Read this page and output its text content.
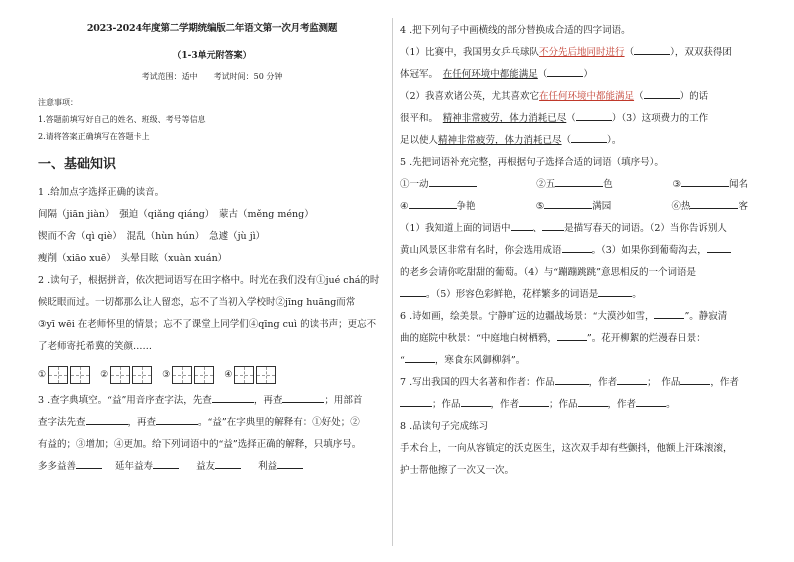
2023-2024年度第二学期统编版二年语文第一次月考监测题
（1-3单元附答案）
考试范围：适中　　考试时间：50 分钟
注意事项：
1.答题前填写好自己的姓名、班级、考号等信息
2.请将答案正确填写在答题卡上
一、基础知识
1 .给加点字选择正确的读音。
间隔（jiān jiàn）　强迫（qiǎng qiáng）　蒙古（měng méng）
锲而不舍（qì qiè）　混乱（hùn hún）　急遽（jù jì）
瘦削（xiāo xuē）　头晕目眩（xuàn xuán）
2 .读句子，根据拼音，依次把词语写在田字格中。时光在我们没有①jué chá的时
候眨眼而过。一切都那么让人留恋，忘不了当初入学校时②jīng huāng而常
③yī wēi 在老师怀里的情景；忘不了课堂上同学们④qīng cuì 的读书声；更忘不
了老师寄托希冀的笑颜……
①	②	③	④
3 .查字典填空。“益”用音序查字法，先查	，再查	；用部首
查字法先查	，再查	。“益”在字典里的解释有：①好处；②
有益的；③增加；④更加。给下列词语中的“益”选择正确的解释，只填序号。
多多益善	延年益寿	益友	利益
4 .把下列句子中画横线的部分替换成合适的四字词语。
（1）比赛中，我国男女乒乓球队不分先后地同时进行（	），双双获得团
体冠军。　 在任何环境中都能满足（	）
（2）我喜欢诸公英，尤其喜欢它在任何环境中都能满足（	）的话
很平和。　 精神非常疲劳，体力消耗已尽（	）（3）这项费力的工作
足以使人精神非常疲劳，体力消耗已尽（	）。
5 .先把词语补充完整，再根据句子选择合适的词语（填序号）。
①一动	②五	色	③	闻名
④	争艳	⑤	满园	⑥热	客
（1）我知道上面的词语中 、 是描写春天的词语。（2）当你告诉别人
黄山风景区非常有名时，你会选用成语	。（3）如果你到葡萄沟去，
的老乡会请你吃甜甜的葡萄。（4）与“蹦蹦跳跳”意思相反的一个词语是
。（5）形容色彩鲜艳，花样繁多的词语是	。
6 .诗如画，绘美景。宁静旷远的边疆战场景：“大漠沙如雪，	”。静寂清
曲的庭院中秋景：“中庭地白树栖鸦，	”。花开柳絮的烂漫春日景：
“	，寒食东风御柳斜”。
7 .写出我国的四大名著和作者：作品	，作者	；　作品	，作者
；作品	，作者	；作品	，作者	。
8 .品读句子完成练习
手术台上，一向从容镇定的沃克医生，这次双手却有些颤抖，他额上汗珠滚滚，
护士帮他擦了一次又一次。
